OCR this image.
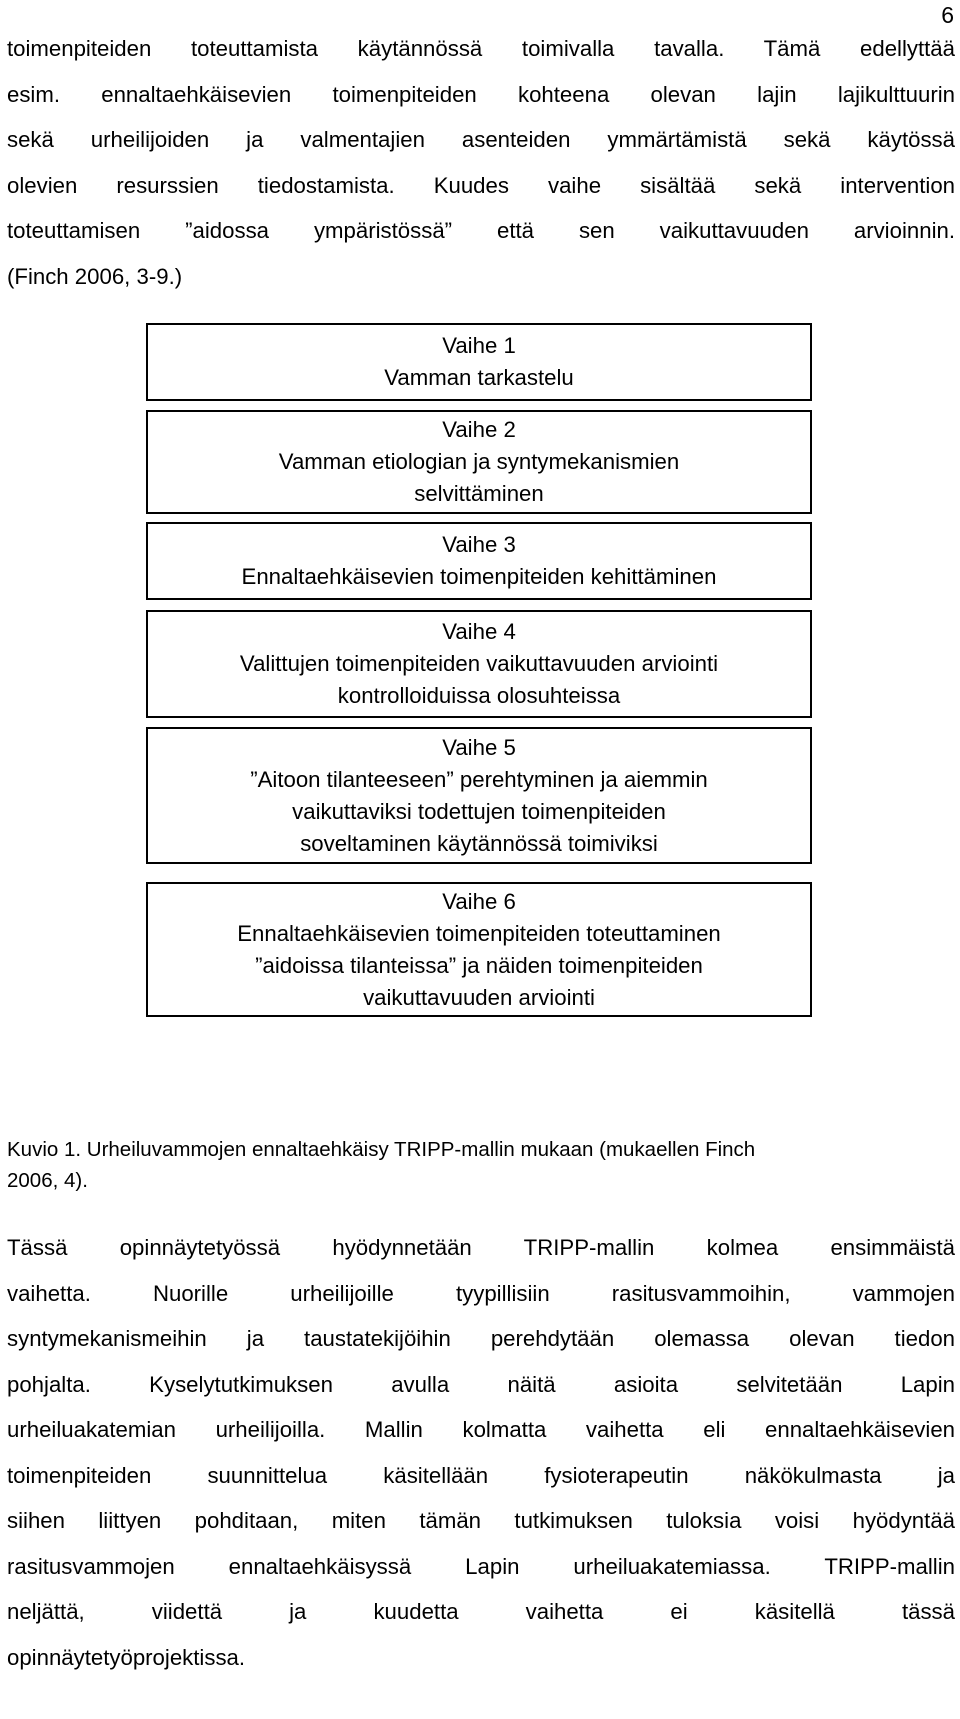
6
toimenpiteiden toteuttamista käytännössä toimivalla tavalla. Tämä edellyttää
esim. ennaltaehkäisevien toimenpiteiden kohteena olevan lajin lajikulttuurin
sekä urheilijoiden ja valmentajien asenteiden ymmärtämistä sekä käytössä
olevien resurssien tiedostamista. Kuudes vaihe sisältää sekä intervention
toteuttamisen ”aidossa ympäristössä” että sen vaikuttavuuden arvioinnin.
(Finch 2006, 3-9.)
Vaihe 1
Vamman tarkastelu
Vaihe 2
Vamman etiologian ja syntymekanismien
selvittäminen
Vaihe 3
Ennaltaehkäisevien toimenpiteiden kehittäminen
Vaihe 4
Valittujen toimenpiteiden vaikuttavuuden arviointi
kontrolloiduissa olosuhteissa
Vaihe 5
”Aitoon tilanteeseen” perehtyminen ja aiemmin
vaikuttaviksi todettujen toimenpiteiden
soveltaminen käytännössä toimiviksi
Vaihe 6
Ennaltaehkäisevien toimenpiteiden toteuttaminen
”aidoissa tilanteissa” ja näiden toimenpiteiden
vaikuttavuuden arviointi
Kuvio 1. Urheiluvammojen ennaltaehkäisy TRIPP-mallin mukaan (mukaellen Finch
2006, 4).
Tässä opinnäytetyössä hyödynnetään TRIPP-mallin kolmea ensimmäistä
vaihetta. Nuorille urheilijoille tyypillisiin rasitusvammoihin, vammojen
syntymekanismeihin ja taustatekijöihin perehdytään olemassa olevan tiedon
pohjalta. Kyselytutkimuksen avulla näitä asioita selvitetään Lapin
urheiluakatemian urheilijoilla. Mallin kolmatta vaihetta eli ennaltaehkäisevien
toimenpiteiden suunnittelua käsitellään fysioterapeutin näkökulmasta ja
siihen liittyen pohditaan, miten tämän tutkimuksen tuloksia voisi hyödyntää
rasitusvammojen ennaltaehkäisyssä Lapin urheiluakatemiassa. TRIPP-mallin
neljättä, viidettä ja kuudetta vaihetta ei käsitellä tässä
opinnäytetyöprojektissa.
